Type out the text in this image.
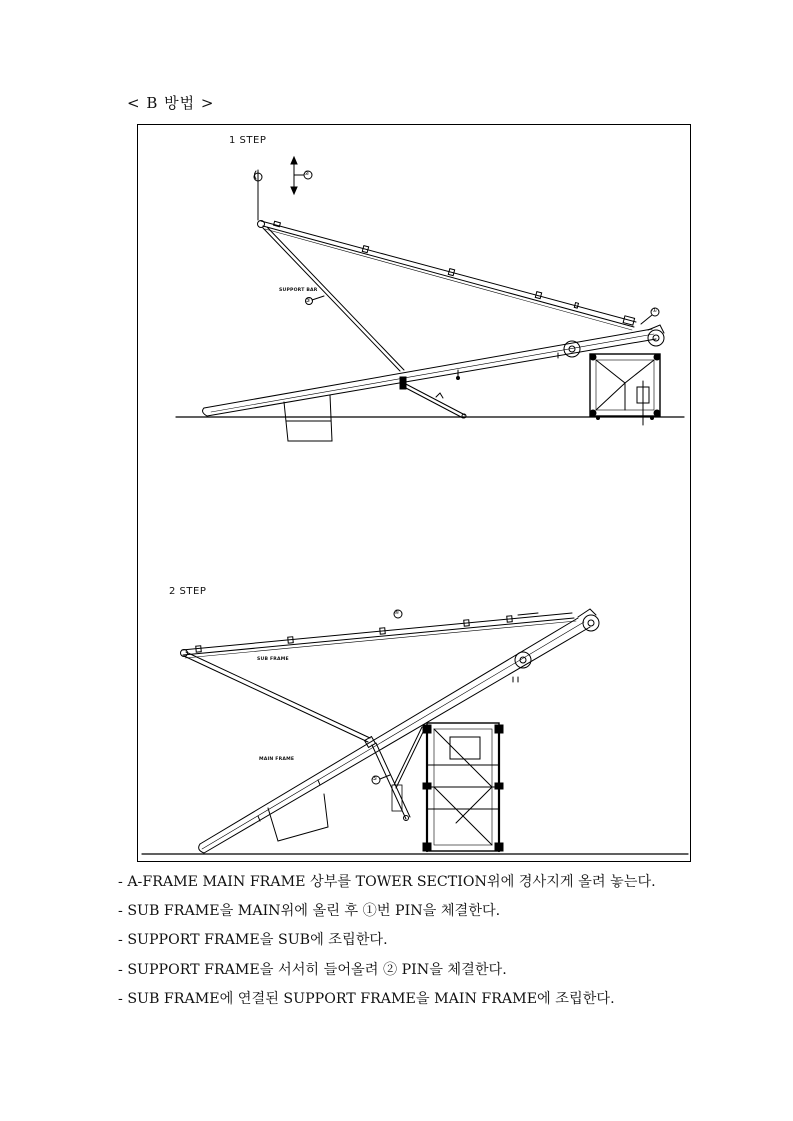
< B 방법 >
1 STEP
SUPPORT BAR
②
③
①
2 STEP
SUB FRAME
MAIN FRAME
④
⑤
- A-FRAME MAIN FRAME 상부를 TOWER SECTION위에 경사지게 올려 놓는다.
- SUB FRAME을 MAIN위에 올린 후 ①번 PIN을 체결한다.
- SUPPORT FRAME을 SUB에 조립한다.
- SUPPORT FRAME을 서서히 들어올려 ② PIN을 체결한다.
- SUB FRAME에 연결된 SUPPORT FRAME을 MAIN FRAME에 조립한다.
